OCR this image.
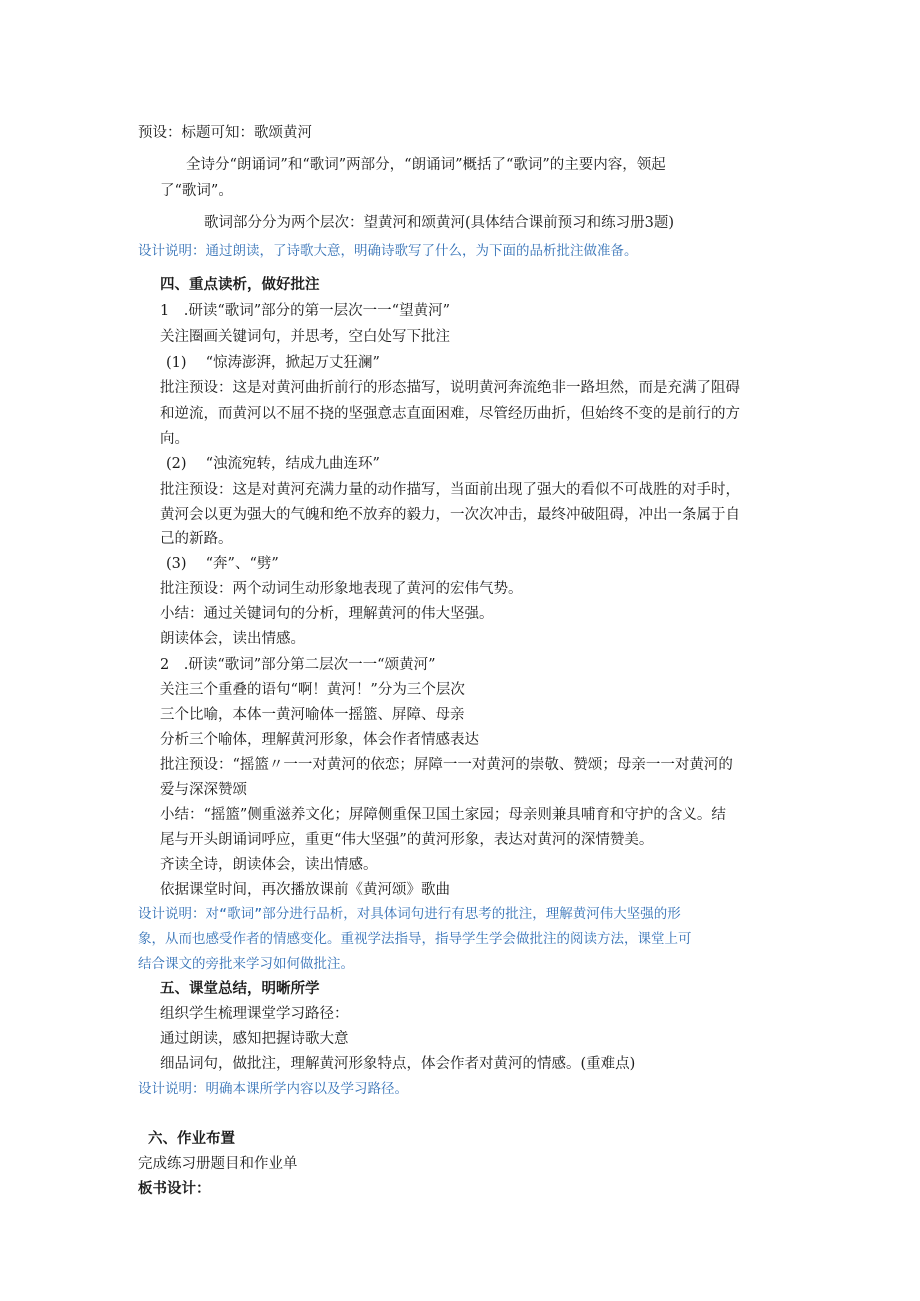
预设：标题可知：歌颂黄河
全诗分“朗诵词”和“歌词”两部分，“朗诵词”概括了“歌词”的主要内容，领起
了“歌词”。
歌词部分分为两个层次：望黄河和颂黄河(具体结合课前预习和练习册3题)
设计说明：通过朗读，了诗歌大意，明确诗歌写了什么，为下面的品析批注做准备。
四、重点读析，做好批注
1　.研读“歌词”部分的第一层次一一“望黄河”
关注圈画关键词句，并思考，空白处写下批注
(1)　 “惊涛澎湃，掀起万丈狂澜”
批注预设：这是对黄河曲折前行的形态描写，说明黄河奔流绝非一路坦然，而是充满了阻碍
和逆流，而黄河以不屈不挠的坚强意志直面困难，尽管经历曲折，但始终不变的是前行的方
向。
(2)　 “浊流宛转，结成九曲连环”
批注预设：这是对黄河充满力量的动作描写，当面前出现了强大的看似不可战胜的对手时，
黄河会以更为强大的气魄和绝不放弃的毅力，一次次冲击，最终冲破阻碍，冲出一条属于自
己的新路。
(3)　 “奔”、“劈”
批注预设：两个动词生动形象地表现了黄河的宏伟气势。
小结：通过关键词句的分析，理解黄河的伟大坚强。
朗读体会，读出情感。
2　.研读“歌词”部分第二层次一一“颂黄河”
关注三个重叠的语句“啊！黄河！”分为三个层次
三个比喻，本体一黄河喻体一摇篮、屏障、母亲
分析三个喻体，理解黄河形象，体会作者情感表达
批注预设：“摇篮〃一一对黄河的依恋；屏障一一对黄河的崇敬、赞颂；母亲一一对黄河的
爱与深深赞颂
小结：“摇篮”侧重滋养文化；屏障侧重保卫国土家园；母亲则兼具哺育和守护的含义。结
尾与开头朗诵词呼应，重更“伟大坚强”的黄河形象，表达对黄河的深情赞美。
齐读全诗，朗读体会，读出情感。
依据课堂时间，再次播放课前《黄河颂》歌曲
设计说明：对“歌词”部分进行品析，对具体词句进行有思考的批注，理解黄河伟大坚强的形
象，从而也感受作者的情感变化。重视学法指导，指导学生学会做批注的阅读方法，课堂上可
结合课文的旁批来学习如何做批注。
五、课堂总结，明晰所学
组织学生梳理课堂学习路径：
通过朗读，感知把握诗歌大意
细品词句，做批注，理解黄河形象特点，体会作者对黄河的情感。(重难点)
设计说明：明确本课所学内容以及学习路径。
六、作业布置
完成练习册题目和作业单
板书设计：
